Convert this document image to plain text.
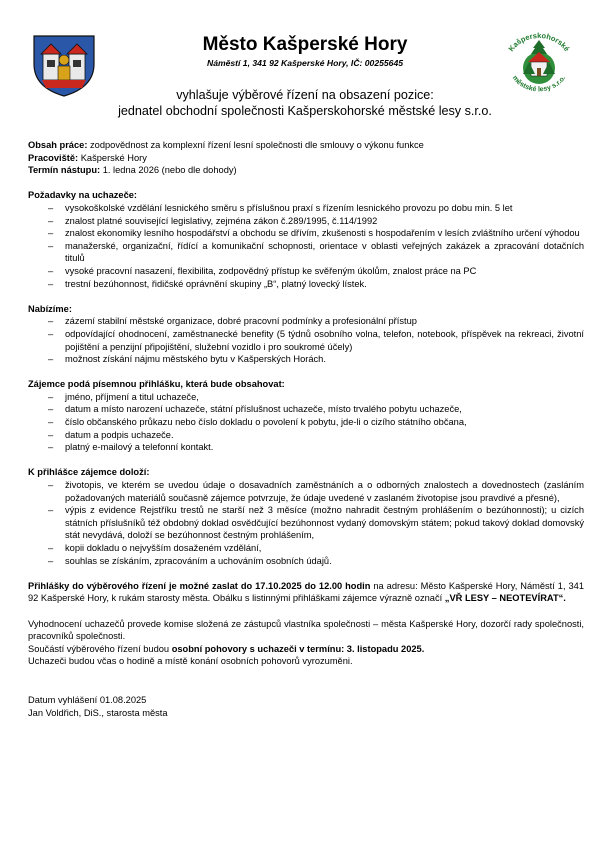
Město Kašperské Hory
Náměstí 1, 341 92 Kašperské Hory, IČ: 00255645
Kašperskohorské
městské lesy s.r.o.
vyhlašuje výběrové řízení na obsazení pozice:
jednatel obchodní společnosti Kašperskohorské městské lesy s.r.o.

Obsah práce: zodpovědnost za komplexní řízení lesní společnosti dle smlouvy o výkonu funkce

Pracoviště: Kašperské Hory

Termín nástupu: 1. ledna 2026 (nebo dle dohody)

Požadavky na uchazeče:

– vysokoškolské vzdělání lesnického směru s příslušnou praxí s řízením lesnického provozu po dobu min. 5 let
– znalost platné související legislativy, zejména zákon č.289/1995, č.114/1992
– znalost ekonomiky lesního hospodářství a obchodu se dřívím, zkušenosti s hospodařením v lesích zvláštního určení výhodou
– manažerské, organizační, řídící a komunikační schopnosti, orientace v oblasti veřejných zakázek a zpracování dotačních titulů
– vysoké pracovní nasazení, flexibilita, zodpovědný přístup ke svěřeným úkolům, znalost práce na PC
– trestní bezúhonnost, řidičské oprávnění skupiny „B“, platný lovecký lístek.

Nabízíme:

– zázemí stabilní městské organizace, dobré pracovní podmínky a profesionální přístup
– odpovídající ohodnocení, zaměstnanecké benefity (5 týdnů osobního volna, telefon, notebook, příspěvek na rekreaci, životní pojištění a penzijní připojištění, služební vozidlo i pro soukromé účely)
– možnost získání nájmu městského bytu v Kašperských Horách.

Zájemce podá písemnou přihlášku, která bude obsahovat:

– jméno, příjmení a titul uchazeče,
– datum a místo narození uchazeče, státní příslušnost uchazeče, místo trvalého pobytu uchazeče,
– číslo občanského průkazu nebo číslo dokladu o povolení k pobytu, jde-li o cizího státního občana,
– datum a podpis uchazeče.
– platný e-mailový a telefonní kontakt.

K přihlášce zájemce doloží:

– životopis, ve kterém se uvedou údaje o dosavadních zaměstnáních a o odborných znalostech a dovednostech (zasláním požadovaných materiálů současně zájemce potvrzuje, že údaje uvedené v zaslaném životopise jsou pravdivé a přesné),
– výpis z evidence Rejstříku trestů ne starší než 3 měsíce (možno nahradit čestným prohlášením o bezúhonnosti); u cizích státních příslušníků též obdobný doklad osvědčující bezúhonnost vydaný domovským státem; pokud takový doklad domovský stát nevydává, doloží se bezúhonnost čestným prohlášením,
– kopii dokladu o nejvyšším dosaženém vzdělání,
– souhlas se získáním, zpracováním a uchováním osobních údajů.

Přihlášky do výběrového řízení je možné zaslat do 17.10.2025 do 12.00 hodin na adresu: Město Kašperské Hory, Náměstí 1, 341 92 Kašperské Hory, k rukám starosty města. Obálku s listinnými přihláškami zájemce výrazně označí „VŘ LESY – NEOTEVÍRAT“.

Vyhodnocení uchazečů provede komise složená ze zástupců vlastníka společnosti – města Kašperské Hory, dozorčí rady společnosti, pracovníků společnosti.

Součástí výběrového řízení budou osobní pohovory s uchazeči v termínu: 3. listopadu 2025.

Uchazeči budou včas o hodině a místě konání osobních pohovorů vyrozuměni.

Datum vyhlášení 01.08.2025

Jan Voldřich, DiS., starosta města
